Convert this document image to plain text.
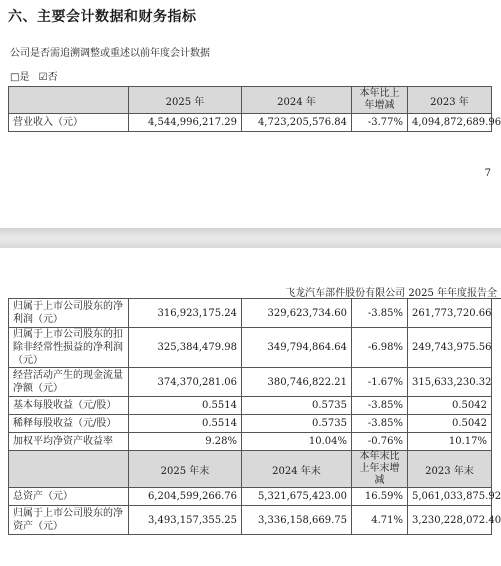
六、主要会计数据和财务指标
公司是否需追溯调整或重述以前年度会计数据
□是 ☑否
	2025 年	2024 年	本年比上年增减	2023 年
营业收入（元）	4,544,996,217.29	4,723,205,576.84	-3.77%	4,094,872,689.96
7
飞龙汽车部件股份有限公司 2025 年年度报告全
归属于上市公司股东的净利润（元）	316,923,175.24	329,623,734.60	-3.85%	261,773,720.66
归属于上市公司股东的扣除非经常性损益的净利润（元）	325,384,479.98	349,794,864.64	-6.98%	249,743,975.56
经营活动产生的现金流量净额（元）	374,370,281.06	380,746,822.21	-1.67%	315,633,230.32
基本每股收益（元/股）	0.5514	0.5735	-3.85%	0.5042
稀释每股收益（元/股）	0.5514	0.5735	-3.85%	0.5042
加权平均净资产收益率	9.28%	10.04%	-0.76%	10.17%
	2025 年末	2024 年末	本年末比上年末增减	2023 年末
总资产（元）	6,204,599,266.76	5,321,675,423.00	16.59%	5,061,033,875.92
归属于上市公司股东的净资产（元）	3,493,157,355.25	3,336,158,669.75	4.71%	3,230,228,072.40
